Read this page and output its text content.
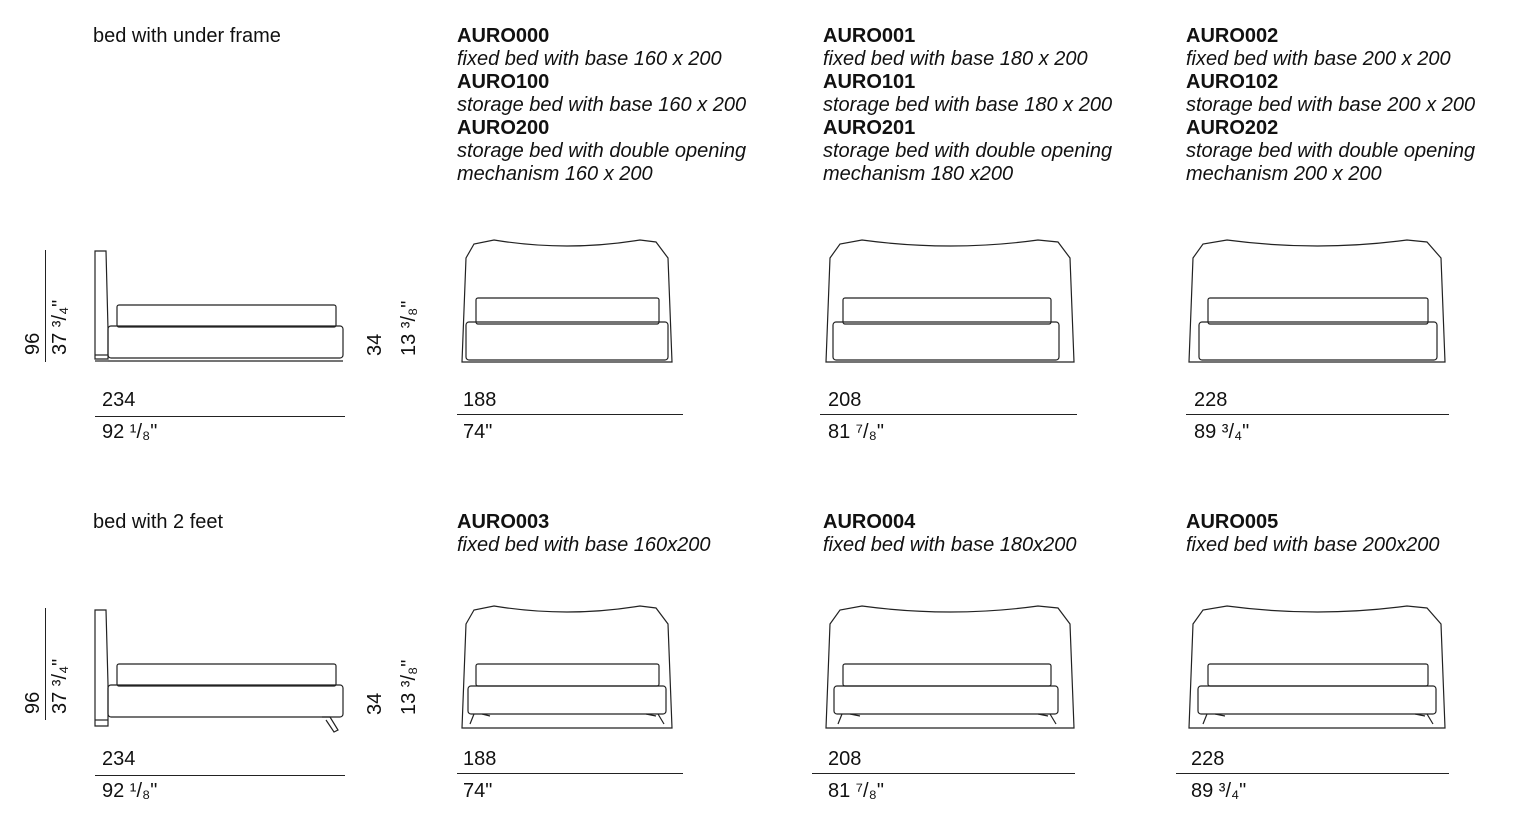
bed with under frame	AURO000
fixed bed with base 160 x 200
AURO100
storage bed with base 160 x 200
AURO200
storage bed with double opening
mechanism 160 x 200
AURO001
fixed bed with base 180 x 200
AURO101
storage bed with base 180 x 200
AURO201
storage bed with double opening
mechanism 180 x200
AURO002
fixed bed with base 200 x 200
AURO102
storage bed with base 200 x 200
AURO202
storage bed with double opening
mechanism 200 x 200
96 37 ³/₄"	34 13 ³/₈"
234
92 ¹/₈"
188
74"
208
81 ⁷/₈"
228
89 ³/₄"
bed with 2 feet	AURO003
fixed bed with base 160x200
AURO004
fixed bed with base 180x200
AURO005
fixed bed with base 200x200
96 37 ³/₄"	34 13 ³/₈"
234
92 ¹/₈"
188
74"
208
81 ⁷/₈"
228
89 ³/₄"
